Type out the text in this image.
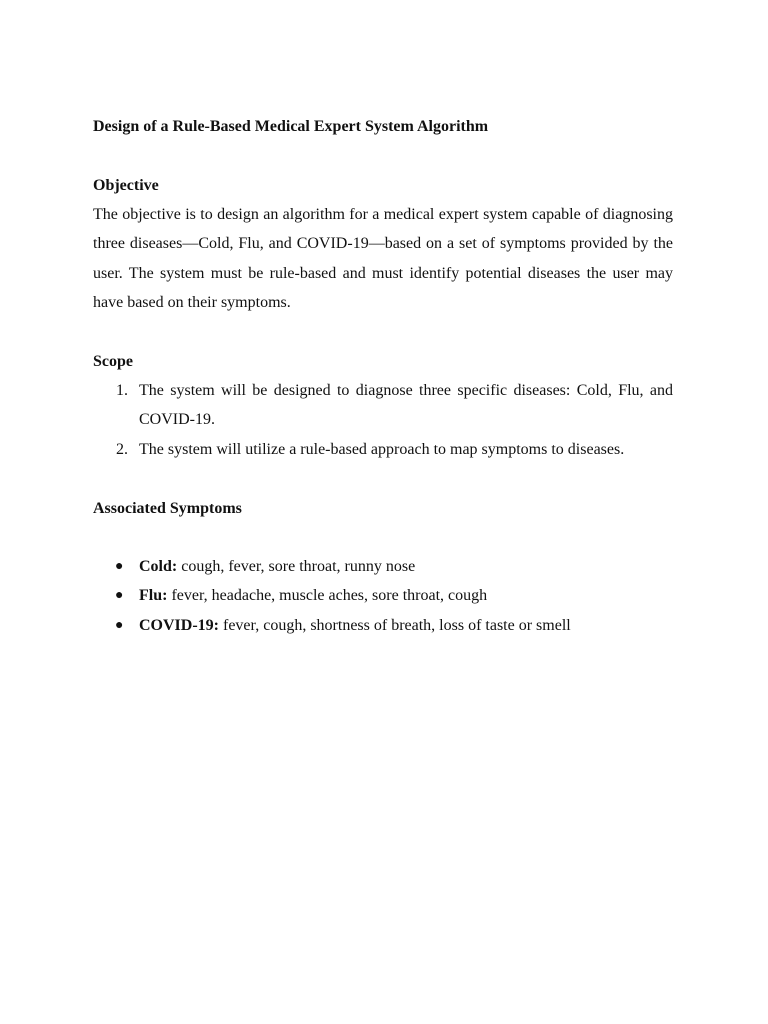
Design of a Rule-Based Medical Expert System Algorithm

Objective

The objective is to design an algorithm for a medical expert system capable of diagnosing three diseases—Cold, Flu, and COVID-19—based on a set of symptoms provided by the user. The system must be rule-based and must identify potential diseases the user may have based on their symptoms.

Scope

1. The system will be designed to diagnose three specific diseases: Cold, Flu, and COVID-19.
2. The system will utilize a rule-based approach to map symptoms to diseases.

Associated Symptoms

● Cold: cough, fever, sore throat, runny nose
● Flu: fever, headache, muscle aches, sore throat, cough
● COVID-19: fever, cough, shortness of breath, loss of taste or smell
